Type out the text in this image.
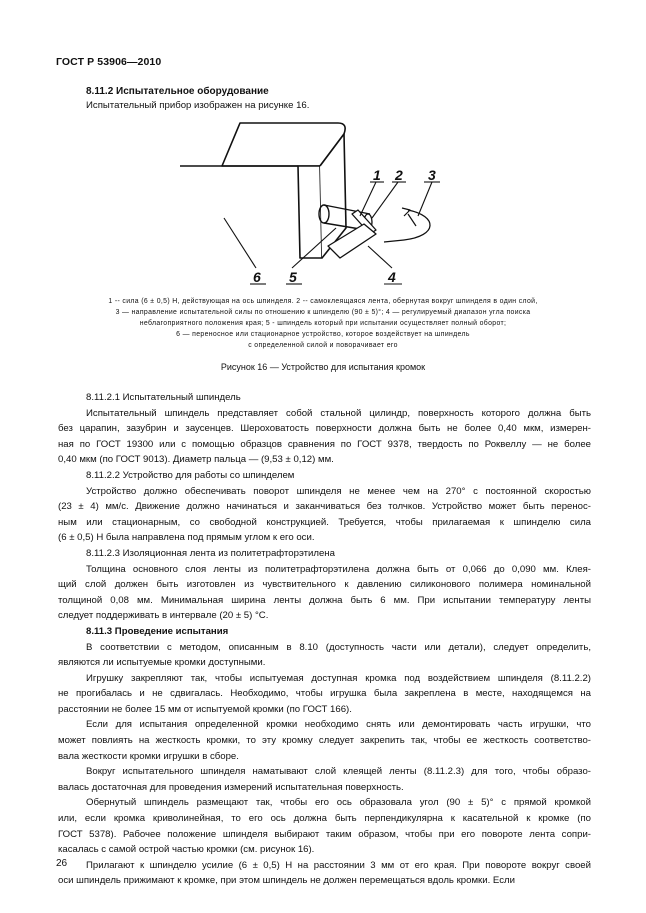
ГОСТ Р 53906—2010
8.11.2 Испытательное оборудование
Испытательный прибор изображен на рисунке 16.
1 2 3
4
5
6
1 -- сила (6 ± 0,5) Н, действующая на ось шпинделя. 2 -- самоклеящаяся лента, обернутая вокруг шпинделя в один слой,
3 — направление испытательной силы по отношению к шпинделю (90 ± 5)°; 4 — регулируемый диапазон угла поиска
неблагоприятного положения края; 5 - шпиндель который при испытании осуществляет полный оборот;
6 — переносное или стационарное устройство, которое воздействует на шпиндель
с определенной силой и поворачивает его
Рисунок 16 — Устройство для испытания кромок
8.11.2.1 Испытательный шпиндель
Испытательный шпиндель представляет собой стальной цилиндр, поверхность которого должна быть
без царапин, зазубрин и заусенцев. Шероховатость поверхности должна быть не более 0,40 мкм, измерен-
ная по ГОСТ 19300 или с помощью образцов сравнения по ГОСТ 9378, твердость по Роквеллу — не более
0,40 мкм (по ГОСТ 9013). Диаметр пальца — (9,53 ± 0,12) мм.
8.11.2.2 Устройство для работы со шпинделем
Устройство должно обеспечивать поворот шпинделя не менее чем на 270° с постоянной скоростью
(23 ± 4) мм/с. Движение должно начинаться и заканчиваться без толчков. Устройство может быть перенос-
ным или стационарным, со свободной конструкцией. Требуется, чтобы прилагаемая к шпинделю сила
(6 ± 0,5) Н была направлена под прямым углом к его оси.
8.11.2.3 Изоляционная лента из политетрафторэтилена
Толщина основного слоя ленты из политетрафторэтилена должна быть от 0,066 до 0,090 мм. Клея-
щий слой должен быть изготовлен из чувствительного к давлению силиконового полимера номинальной
толщиной 0,08 мм. Минимальная ширина ленты должна быть 6 мм. При испытании температуру ленты
следует поддерживать в интервале (20 ± 5) °С.
8.11.3 Проведение испытания
В соответствии с методом, описанным в 8.10 (доступность части или детали), следует определить,
являются ли испытуемые кромки доступными.
Игрушку закрепляют так, чтобы испытуемая доступная кромка под воздействием шпинделя (8.11.2.2)
не прогибалась и не сдвигалась. Необходимо, чтобы игрушка была закреплена в месте, находящемся на
расстоянии не более 15 мм от испытуемой кромки (по ГОСТ 166).
Если для испытания определенной кромки необходимо снять или демонтировать часть игрушки, что
может повлиять на жесткость кромки, то эту кромку следует закрепить так, чтобы ее жесткость соответство-
вала жесткости кромки игрушки в сборе.
Вокруг испытательного шпинделя наматывают слой клеящей ленты (8.11.2.3) для того, чтобы образо-
валась достаточная для проведения измерений испытательная поверхность.
Обернутый шпиндель размещают так, чтобы его ось образовала угол (90 ± 5)° с прямой кромкой
или, если кромка криволинейная, то его ось должна быть перпендикулярна к касательной к кромке (по
ГОСТ 5378). Рабочее положение шпинделя выбирают таким образом, чтобы при его повороте лента сопри-
касалась с самой острой частью кромки (см. рисунок 16).
Прилагают к шпинделю усилие (6 ± 0,5) Н на расстоянии 3 мм от его края. При повороте вокруг своей
оси шпиндель прижимают к кромке, при этом шпиндель не должен перемещаться вдоль кромки. Если
26
